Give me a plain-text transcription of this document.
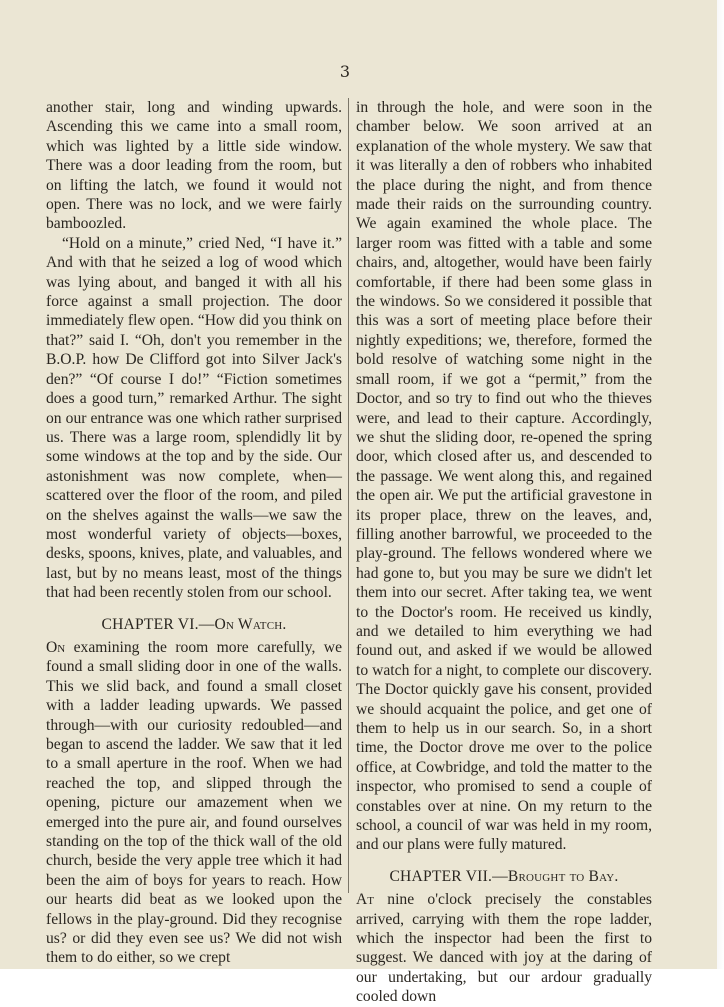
3

another stair, long and winding upwards. Ascending this we came into a small room, which was lighted by a little side window. There was a door leading from the room, but on lifting the latch, we found it would not open. There was no lock, and we were fairly bamboozled.

“Hold on a minute,” cried Ned, “I have it.” And with that he seized a log of wood which was lying about, and banged it with all his force against a small projection. The door immediately flew open. “How did you think on that?” said I. “Oh, don't you remember in the B.O.P. how De Clifford got into Silver Jack's den?” “Of course I do!” “Fiction sometimes does a good turn,” remarked Arthur. The sight on our entrance was one which rather surprised us. There was a large room, splendidly lit by some windows at the top and by the side. Our astonishment was now complete, when—scattered over the floor of the room, and piled on the shelves against the walls—we saw the most wonderful variety of objects—boxes, desks, spoons, knives, plate, and valuables, and last, but by no means least, most of the things that had been recently stolen from our school.

CHAPTER VI.—On Watch.

On examining the room more carefully, we found a small sliding door in one of the walls. This we slid back, and found a small closet with a ladder leading upwards. We passed through—with our curiosity redoubled—and began to ascend the ladder. We saw that it led to a small aperture in the roof. When we had reached the top, and slipped through the opening, picture our amazement when we emerged into the pure air, and found ourselves standing on the top of the thick wall of the old church, beside the very apple tree which it had been the aim of boys for years to reach. How our hearts did beat as we looked upon the fellows in the play-ground. Did they recognise us? or did they even see us? We did not wish them to do either, so we crept

in through the hole, and were soon in the chamber below. We soon arrived at an explanation of the whole mystery. We saw that it was literally a den of robbers who inhabited the place during the night, and from thence made their raids on the surrounding country. We again examined the whole place. The larger room was fitted with a table and some chairs, and, altogether, would have been fairly comfortable, if there had been some glass in the windows. So we considered it possible that this was a sort of meeting place before their nightly expeditions; we, therefore, formed the bold resolve of watching some night in the small room, if we got a “permit,” from the Doctor, and so try to find out who the thieves were, and lead to their capture. Accordingly, we shut the sliding door, re-opened the spring door, which closed after us, and descended to the passage. We went along this, and regained the open air. We put the artificial gravestone in its proper place, threw on the leaves, and, filling another barrowful, we proceeded to the play-ground. The fellows wondered where we had gone to, but you may be sure we didn't let them into our secret. After taking tea, we went to the Doctor's room. He received us kindly, and we detailed to him everything we had found out, and asked if we would be allowed to watch for a night, to complete our discovery. The Doctor quickly gave his consent, provided we should acquaint the police, and get one of them to help us in our search. So, in a short time, the Doctor drove me over to the police office, at Cowbridge, and told the matter to the inspector, who promised to send a couple of constables over at nine. On my return to the school, a council of war was held in my room, and our plans were fully matured.

CHAPTER VII.—Brought to Bay.

At nine o'clock precisely the constables arrived, carrying with them the rope ladder, which the inspector had been the first to suggest. We danced with joy at the daring of our undertaking, but our ardour gradually cooled down
